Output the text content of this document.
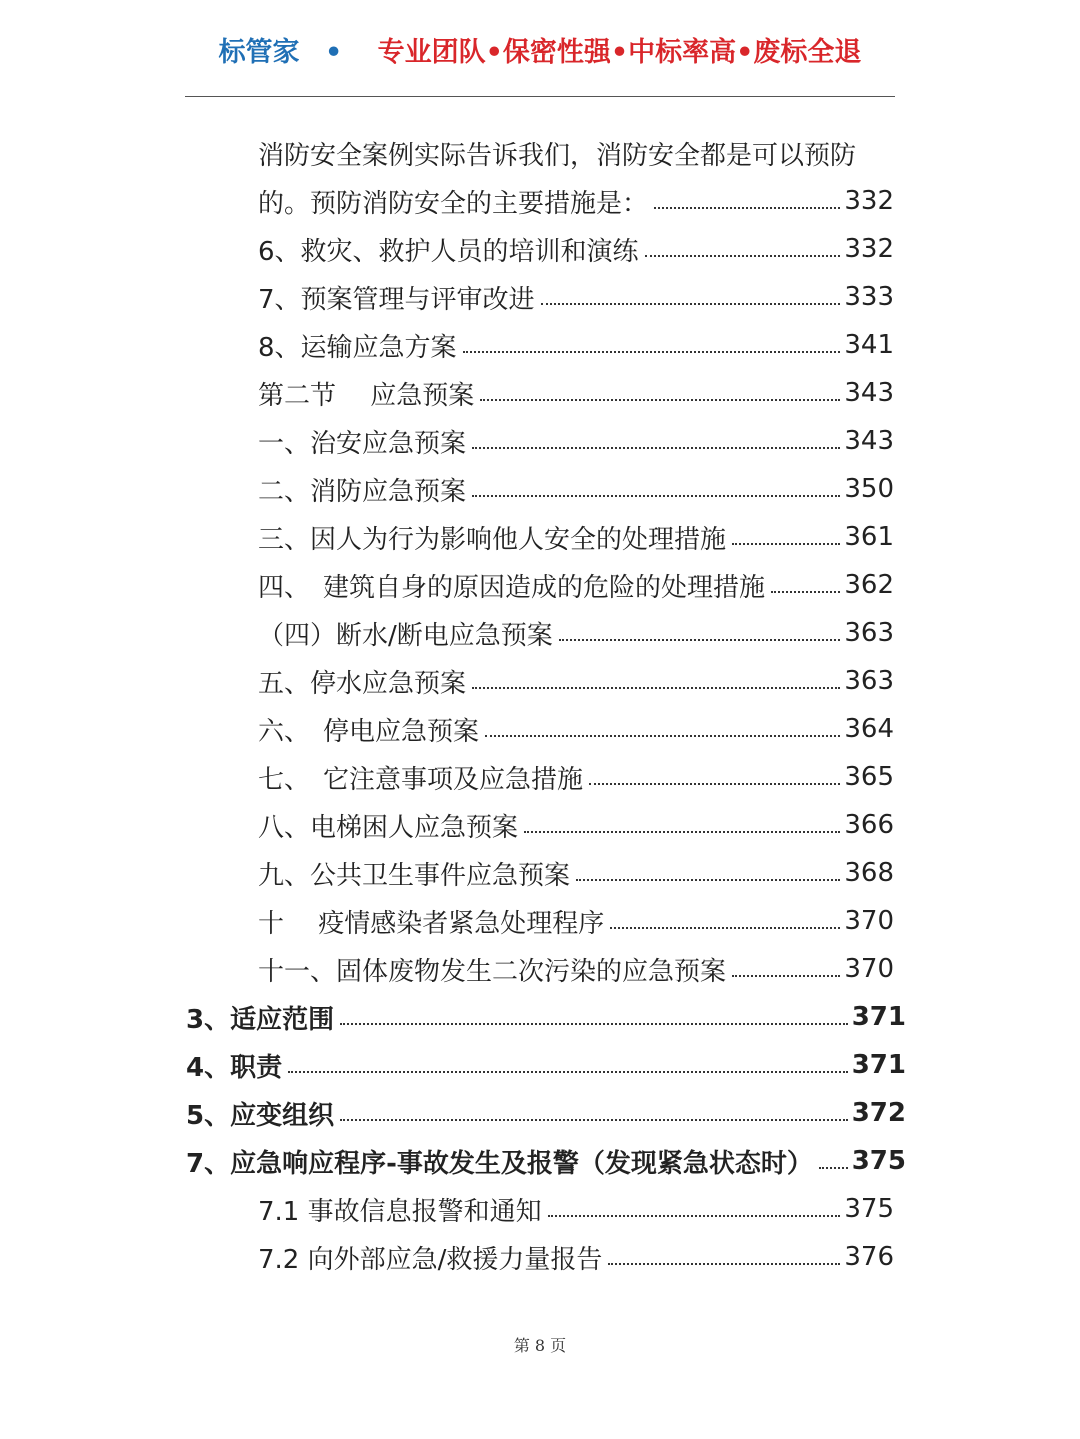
标管家 • 专业团队•保密性强•中标率高•废标全退
消防安全案例实际告诉我们，消防安全都是可以预防
的。预防消防安全的主要措施是：	332
6、救灾、救护人员的培训和演练	332
7、预案管理与评审改进	333
8、运输应急方案	341
第二节　 应急预案	343
一、治安应急预案	343
二、消防应急预案	350
三、因人为行为影响他人安全的处理措施	361
四、　建筑自身的原因造成的危险的处理措施	362
（四）断水/断电应急预案	363
五、停水应急预案	363
六、　停电应急预案	364
七、　它注意事项及应急措施	365
八、电梯困人应急预案	366
九、公共卫生事件应急预案	368
十　 疫情感染者紧急处理程序	370
十一、固体废物发生二次污染的应急预案	370
3、适应范围	371
4、职责	371
5、应变组织	372
7、应急响应程序-事故发生及报警（发现紧急状态时） 375
7.1 事故信息报警和通知	375
7.2 向外部应急/救援力量报告	376
第 8 页
